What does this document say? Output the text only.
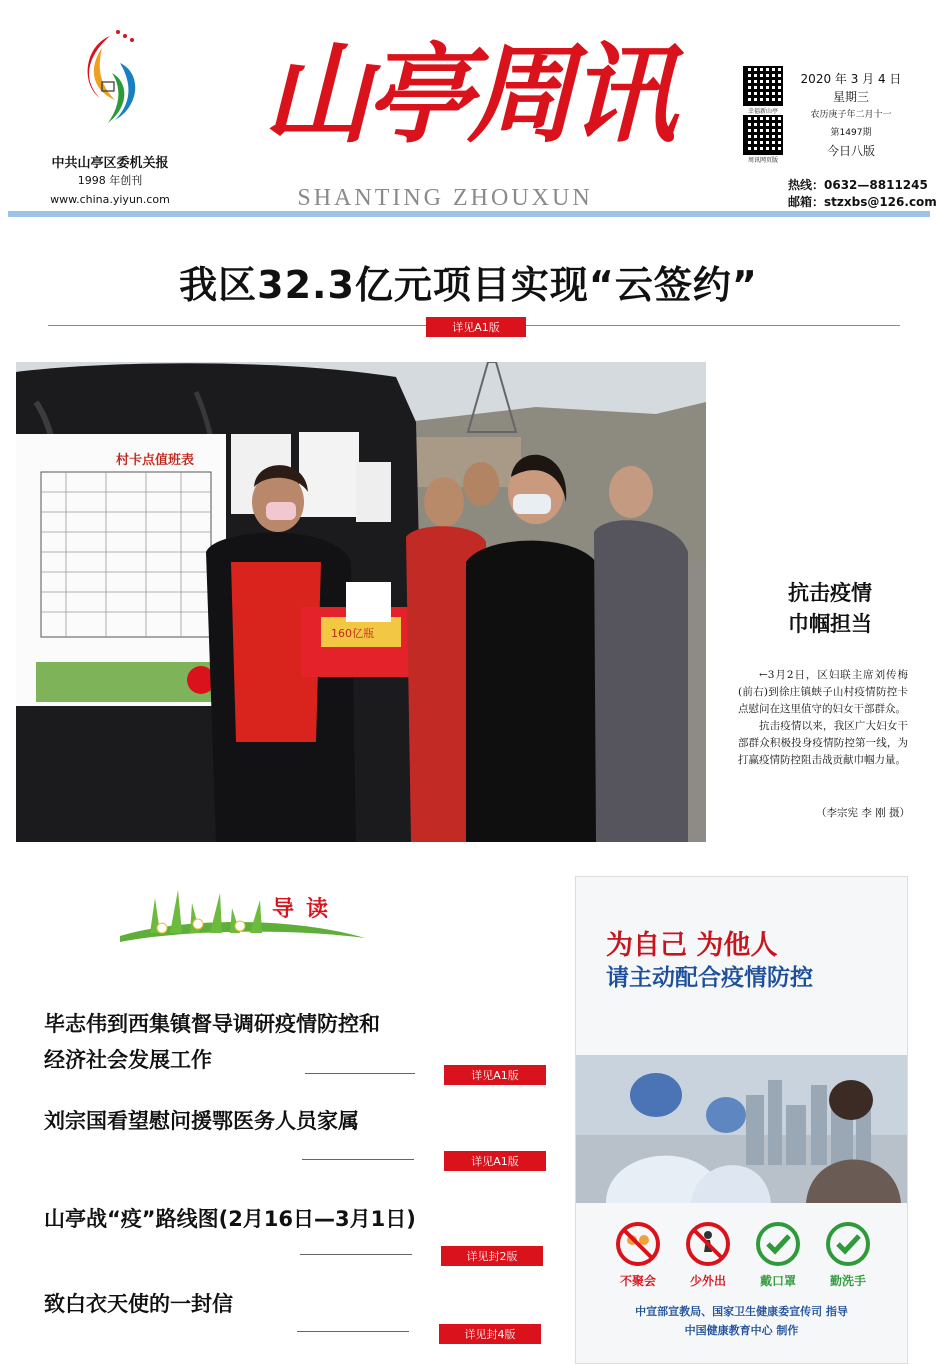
中共山亭区委机关报
1998 年创刊
www.china.yiyun.com
山亭周讯
SHANTING ZHOUXUN
幸福新山亭
周讯网页版
2020 年 3 月 4 日
星期三
农历庚子年二月十一
第1497期
今日八版
热线：0632—8811245
邮箱：stzxbs@126.com
我区32.3亿元项目实现“云签约”
详见A1版
村卡点值班表
160亿瓶
抗击疫情
巾帼担当

←3月2日，区妇联主席刘传梅(前右)到徐庄镇蛱子山村疫情防控卡点慰问在这里值守的妇女干部群众。

抗击疫情以来，我区广大妇女干部群众积极投身疫情防控第一线，为打赢疫情防控阻击战贡献巾帼力量。

（李宗宪 李 刚 摄）
导读
毕志伟到西集镇督导调研疫情防控和经济社会发展工作
详见A1版
刘宗国看望慰问援鄂医务人员家属
详见A1版
山亭战“疫”路线图(2月16日—3月1日)
详见封2版
致白衣天使的一封信
详见封4版
为自己 为他人
请主动配合疫情防控
不聚会	少外出	戴口罩	勤洗手
中宣部宣教局、国家卫生健康委宣传司 指导
中国健康教育中心 制作
